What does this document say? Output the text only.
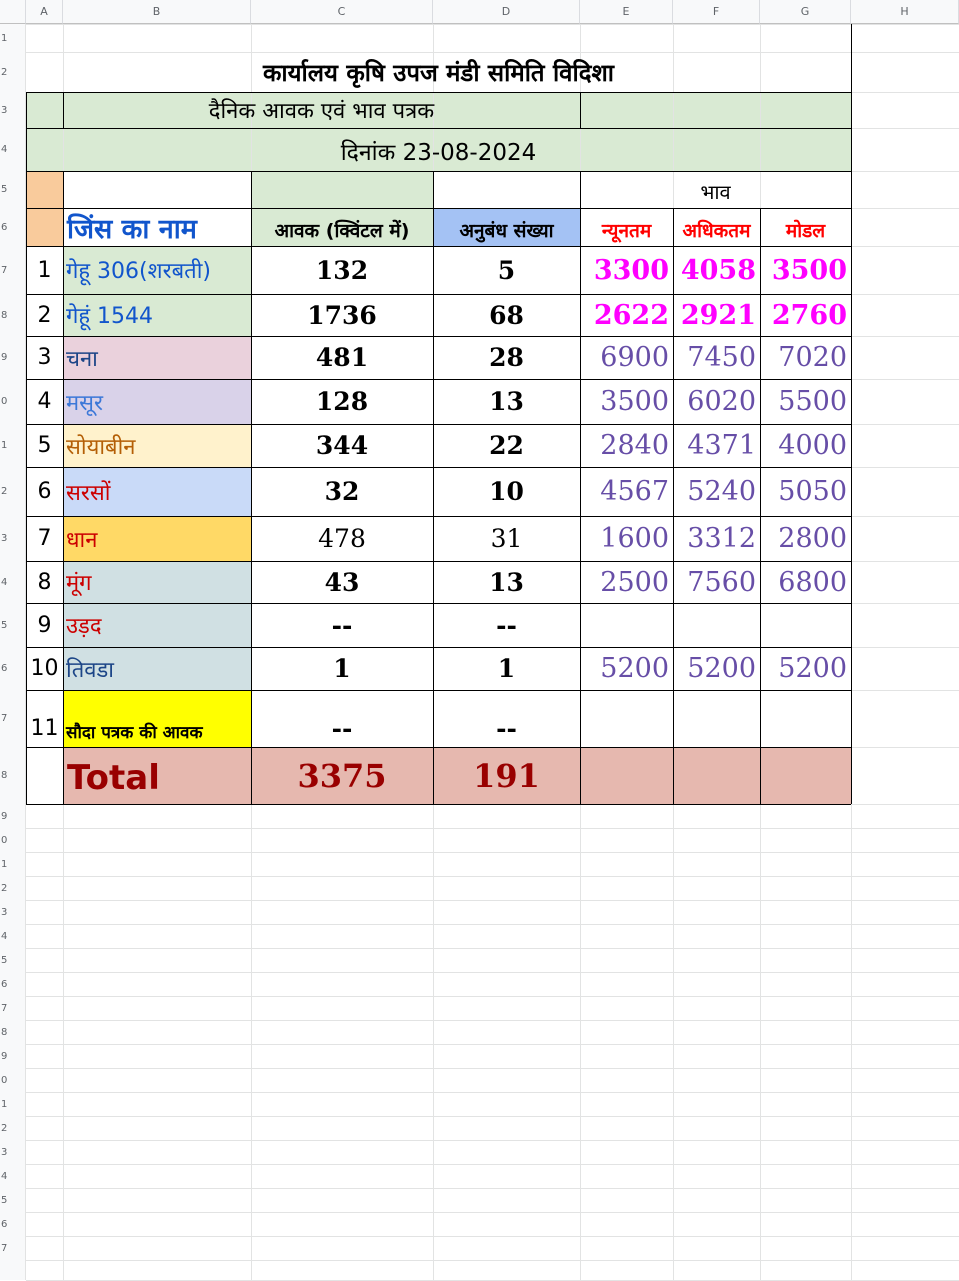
A	B	C	D	E	F	G	H
1
2
3
4
5
6
7
8
9
0
1
2
3
4
5
6
7
8
9
0
1
2
3
4
5
6
7
8
9
0
1
2
3
4
5
6
7
कार्यालय कृषि उपज मंडी समिति विदिशा
दैनिक आवक एवं भाव पत्रक
दिनांक 23-08-2024
भाव
जिंस का नाम	आवक (क्विंटल में)	अनुबंध संख्या	न्यूनतम	अधिकतम	मोडल
1 गेहू 306(शरबती)	132	5	3300 4058 3500
2 गेहूं 1544	1736	68	2622 2921 2760
3 चना	481	28	6900 7450 7020
4 मसूर	128	13	3500 6020 5500
5 सोयाबीन	344	22	2840 4371 4000
6 सरसों	32	10	4567 5240 5050
7 धान	478	31	1600 3312 2800
8 मूंग	43	13	2500 7560 6800
9 उड़द	--	--
10 तिवडा	1	1	5200 5200 5200
11 सौदा पत्रक की आवक	--	--
Total	3375	191
